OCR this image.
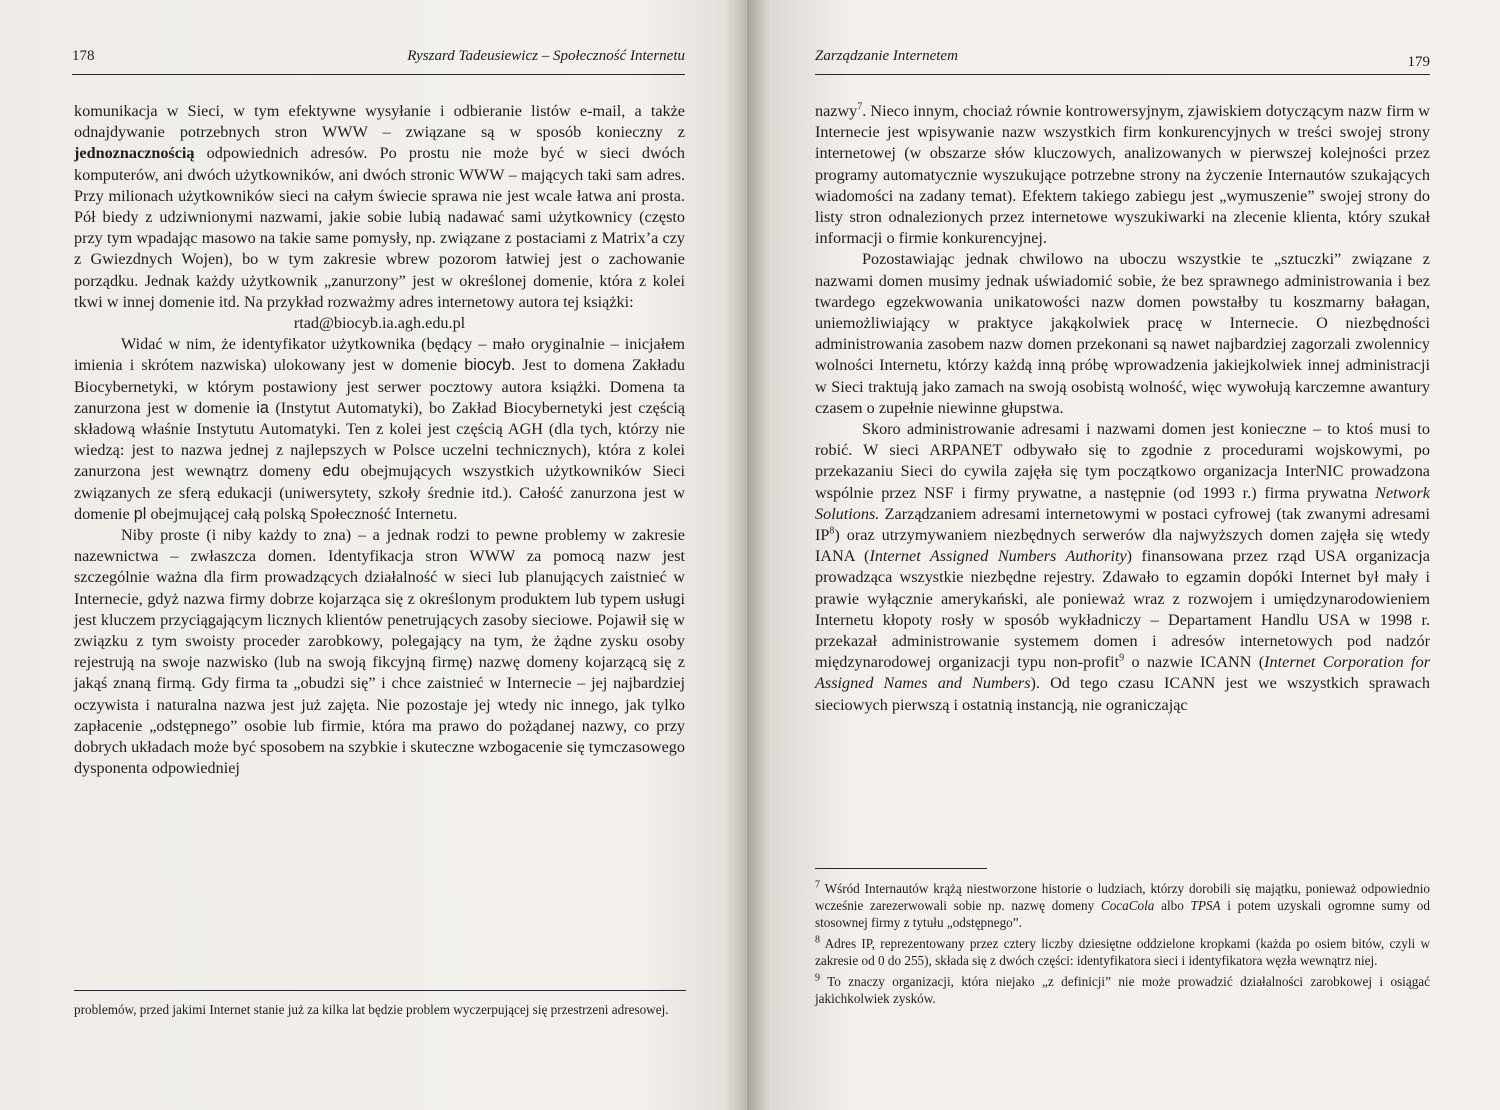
178	Ryszard Tadeusiewicz – Społeczność Internetu

komunikacja w Sieci, w tym efektywne wysyłanie i odbieranie listów e-mail, a także odnajdywanie potrzebnych stron WWW – związane są w sposób konieczny z jednoznacznością odpowiednich adresów. Po prostu nie może być w sieci dwóch komputerów, ani dwóch użytkowników, ani dwóch stronic WWW – mających taki sam adres. Przy milionach użytkowników sieci na całym świecie sprawa nie jest wcale łatwa ani prosta. Pół biedy z udziwnionymi nazwami, jakie sobie lubią nadawać sami użytkownicy (często przy tym wpadając masowo na takie same pomysły, np. związane z postaciami z Matrix’a czy z Gwiezdnych Wojen), bo w tym zakresie wbrew pozorom łatwiej jest o zachowanie porządku. Jednak każdy użytkownik „zanurzony” jest w określonej domenie, która z kolei tkwi w innej domenie itd. Na przykład rozważmy adres internetowy autora tej książki:

rtad@biocyb.ia.agh.edu.pl

Widać w nim, że identyfikator użytkownika (będący – mało oryginalnie – inicjałem imienia i skrótem nazwiska) ulokowany jest w domenie biocyb. Jest to domena Zakładu Biocybernetyki, w którym postawiony jest serwer pocztowy autora książki. Domena ta zanurzona jest w domenie ia (Instytut Automatyki), bo Zakład Biocybernetyki jest częścią składową właśnie Instytutu Automatyki. Ten z kolei jest częścią AGH (dla tych, którzy nie wiedzą: jest to nazwa jednej z najlepszych w Polsce uczelni technicznych), która z kolei zanurzona jest wewnątrz domeny edu obejmujących wszystkich użytkowników Sieci związanych ze sferą edukacji (uniwersytety, szkoły średnie itd.). Całość zanurzona jest w domenie pl obejmującej całą polską Społeczność Internetu.

Niby proste (i niby każdy to zna) – a jednak rodzi to pewne problemy w zakresie nazewnictwa – zwłaszcza domen. Identyfikacja stron WWW za pomocą nazw jest szczególnie ważna dla firm prowadzących działalność w sieci lub planujących zaistnieć w Internecie, gdyż nazwa firmy dobrze kojarząca się z określonym produktem lub typem usługi jest kluczem przyciągającym licznych klientów penetrujących zasoby sieciowe. Pojawił się w związku z tym swoisty proceder zarobkowy, polegający na tym, że żądne zysku osoby rejestrują na swoje nazwisko (lub na swoją fikcyjną firmę) nazwę domeny kojarzącą się z jakąś znaną firmą. Gdy firma ta „obudzi się” i chce zaistnieć w Internecie – jej najbardziej oczywista i naturalna nazwa jest już zajęta. Nie pozostaje jej wtedy nic innego, jak tylko zapłacenie „odstępnego” osobie lub firmie, która ma prawo do pożądanej nazwy, co przy dobrych układach może być sposobem na szybkie i skuteczne wzbogacenie się tymczasowego dysponenta odpowiedniej

problemów, przed jakimi Internet stanie już za kilka lat będzie problem wyczerpującej się przestrzeni adresowej.

Zarządzanie Internetem	179

nazwy$^7$. Nieco innym, chociaż równie kontrowersyjnym, zjawiskiem dotyczącym nazw firm w Internecie jest wpisywanie nazw wszystkich firm konkurencyjnych w treści swojej strony internetowej (w obszarze słów kluczowych, analizowanych w pierwszej kolejności przez programy automatycznie wyszukujące potrzebne strony na życzenie Internautów szukających wiadomości na zadany temat). Efektem takiego zabiegu jest „wymuszenie” swojej strony do listy stron odnalezionych przez internetowe wyszukiwarki na zlecenie klienta, który szukał informacji o firmie konkurencyjnej.

Pozostawiając jednak chwilowo na uboczu wszystkie te „sztuczki” związane z nazwami domen musimy jednak uświadomić sobie, że bez sprawnego administrowania i bez twardego egzekwowania unikatowości nazw domen powstałby tu koszmarny bałagan, uniemożliwiający w praktyce jakąkolwiek pracę w Internecie. O niezbędności administrowania zasobem nazw domen przekonani są nawet najbardziej zagorzali zwolennicy wolności Internetu, którzy każdą inną próbę wprowadzenia jakiejkolwiek innej administracji w Sieci traktują jako zamach na swoją osobistą wolność, więc wywołują karczemne awantury czasem o zupełnie niewinne głupstwa.

Skoro administrowanie adresami i nazwami domen jest konieczne – to ktoś musi to robić. W sieci ARPANET odbywało się to zgodnie z procedurami wojskowymi, po przekazaniu Sieci do cywila zajęła się tym początkowo organizacja InterNIC prowadzona wspólnie przez NSF i firmy prywatne, a następnie (od 1993 r.) firma prywatna Network Solutions. Zarządzaniem adresami internetowymi w postaci cyfrowej (tak zwanymi adresami $IP^8$) oraz utrzymywaniem niezbędnych serwerów dla najwyższych domen zajęła się wtedy IANA (Internet Assigned Numbers Authority) finansowana przez rząd USA organizacja prowadząca wszystkie niezbędne rejestry. Zdawało to egzamin dopóki Internet był mały i prawie wyłącznie amerykański, ale ponieważ wraz z rozwojem i umiędzynarodowieniem Internetu kłopoty rosły w sposób wykładniczy – Departament Handlu USA w 1998 r. przekazał administrowanie systemem domen i adresów internetowych pod nadzór międzynarodowej organizacji typu non-profit$^9$ o nazwie ICANN (Internet Corporation for Assigned Names and Numbers). Od tego czasu ICANN jest we wszystkich sprawach sieciowych pierwszą i ostatnią instancją, nie ograniczając

$^7$ Wśród Internautów krążą niestworzone historie o ludziach, którzy dorobili się majątku, ponieważ odpowiednio wcześnie zarezerwowali sobie np. nazwę domeny CocaCola albo TPSA i potem uzyskali ogromne sumy od stosownej firmy z tytułu „odstępnego”.

$^8$ Adres IP, reprezentowany przez cztery liczby dziesiętne oddzielone kropkami (każda po osiem bitów, czyli w zakresie od 0 do 255), składa się z dwóch części: identyfikatora sieci i identyfikatora węzła wewnątrz niej.

$^9$ To znaczy organizacji, która niejako „z definicji” nie może prowadzić działalności zarobkowej i osiągać jakichkolwiek zysków.
